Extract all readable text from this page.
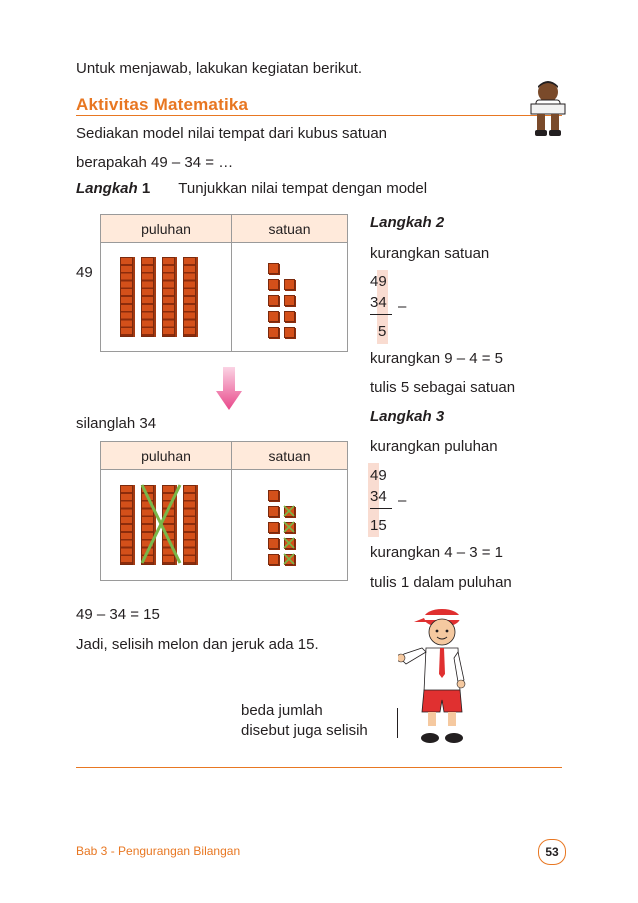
Untuk menjawab, lakukan kegiatan berikut.
Aktivitas Matematika
Sediakan model nilai tempat dari kubus satuan
berapakah 49 – 34 = …
Langkah 1 Tunjukkan nilai tempat dengan model
49
puluhan	satuan

silanglah 34
puluhan	satuan

Langkah 2
kurangkan satuan
49
34 –
5
kurangkan 9 – 4 = 5
tulis 5 sebagai satuan
Langkah 3
kurangkan puluhan
49
34 –
15
kurangkan 4 – 3 = 1
tulis 1 dalam puluhan
49 – 34 = 15
Jadi, selisih melon dan jeruk ada 15.
beda jumlah
disebut juga selisih
Bab 3 - Pengurangan Bilangan	53
